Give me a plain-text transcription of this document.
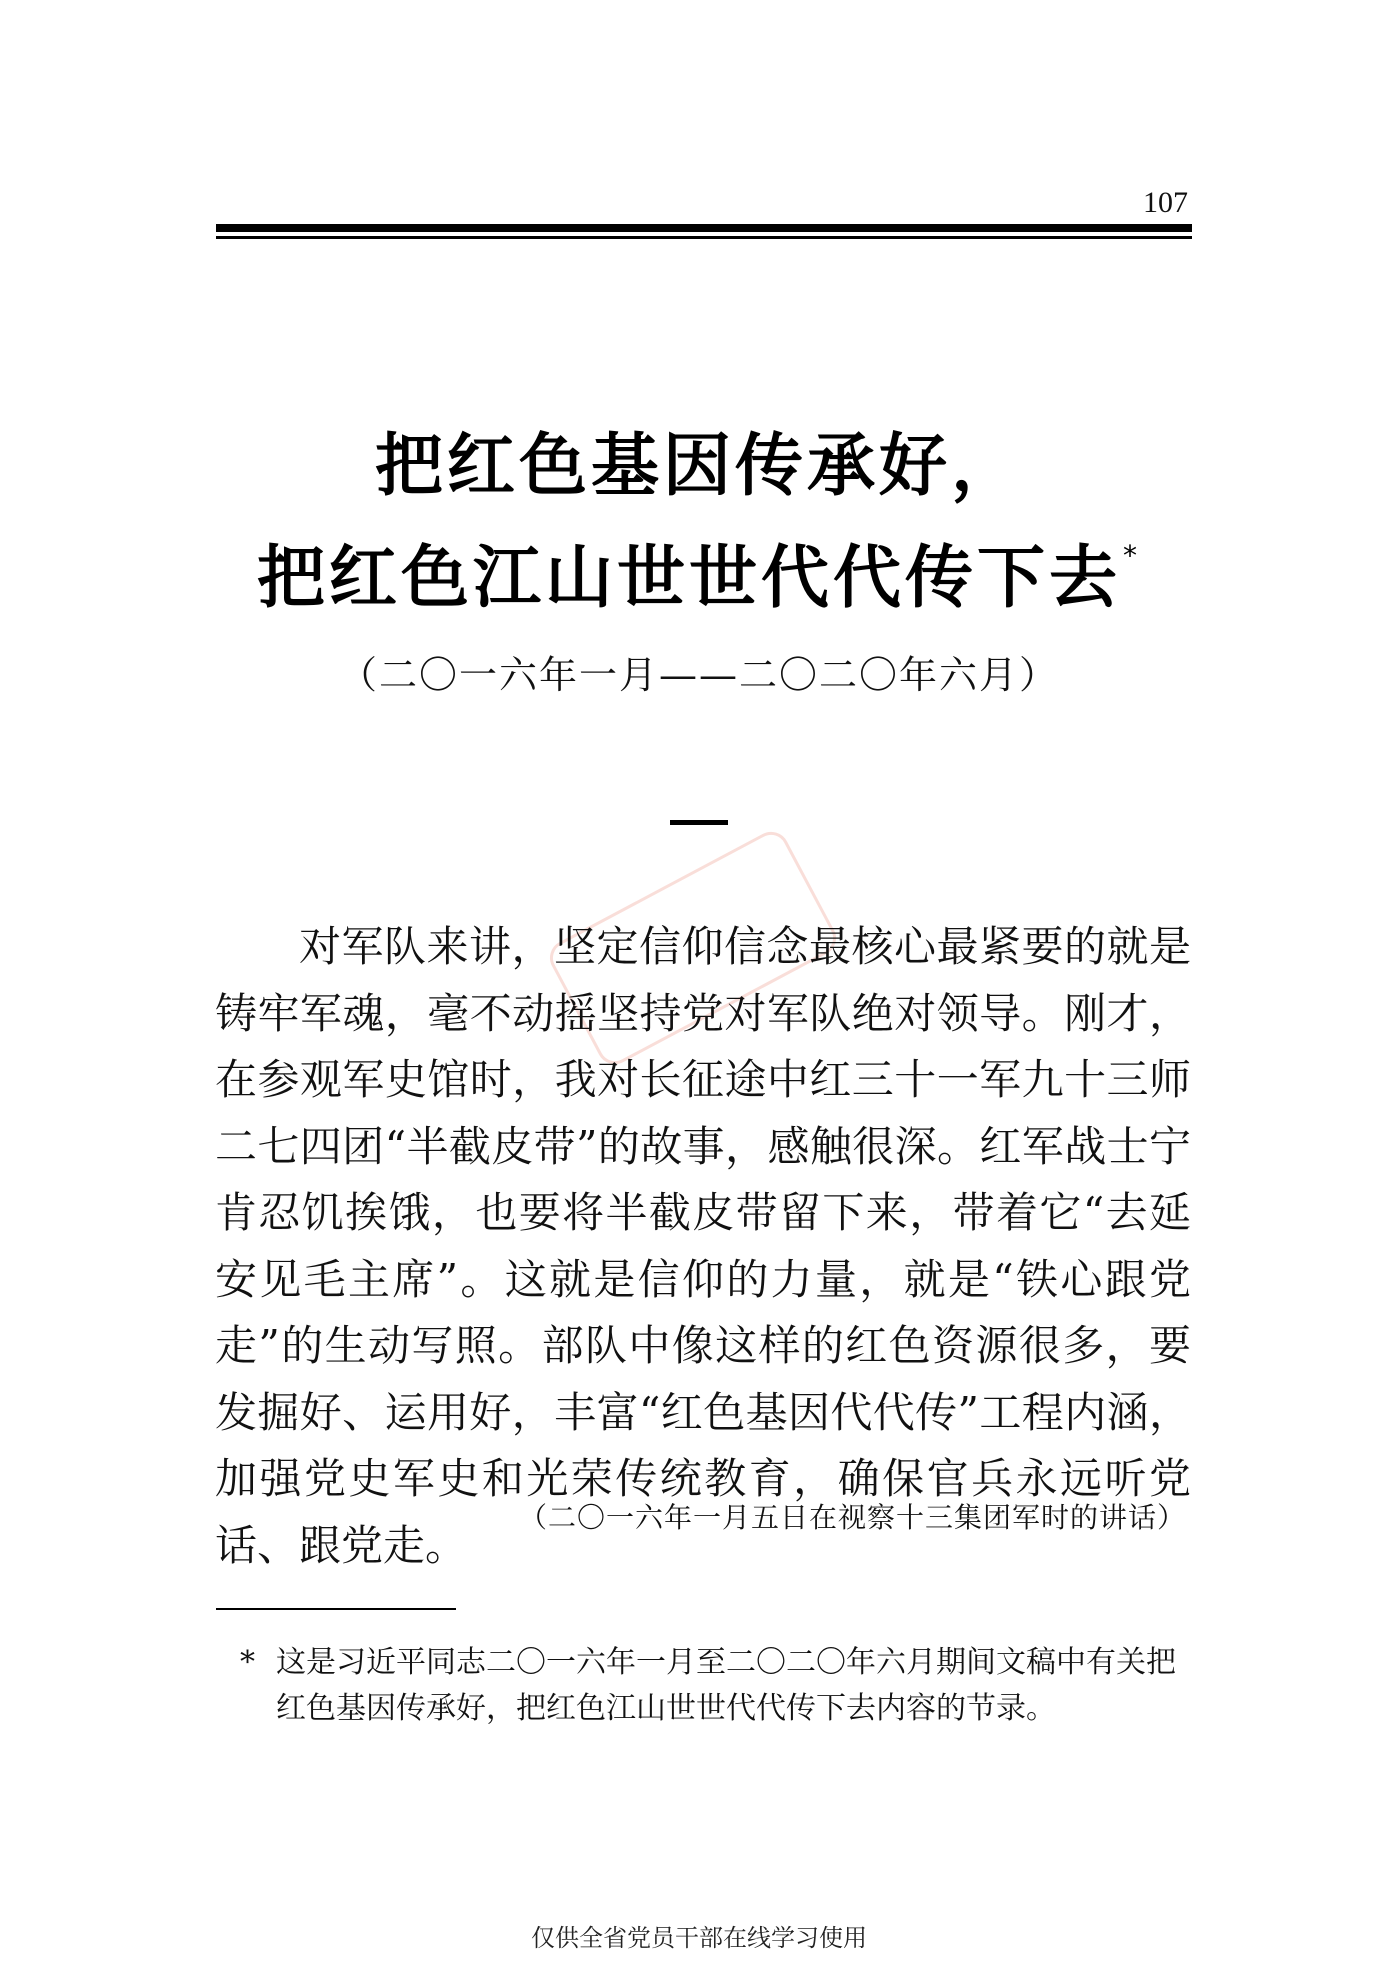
107
把红色基因传承好，
把红色江山世世代代传下去*
（二〇一六年一月——二〇二〇年六月）

对军队来讲，坚定信仰信念最核心最紧要的就是铸牢军魂，毫不动摇坚持党对军队绝对领导。刚才，在参观军史馆时，我对长征途中红三十一军九十三师二七四团“半截皮带”的故事，感触很深。红军战士宁肯忍饥挨饿，也要将半截皮带留下来，带着它“去延安见毛主席”。这就是信仰的力量，就是“铁心跟党走”的生动写照。部队中像这样的红色资源很多，要发掘好、运用好，丰富“红色基因代代传”工程内涵，加强党史军史和光荣传统教育，确保官兵永远听党话、跟党走。

（二〇一六年一月五日在视察十三集团军时的讲话）

* 这是习近平同志二〇一六年一月至二〇二〇年六月期间文稿中有关把红色基因传承好，把红色江山世世代代传下去内容的节录。

仅供全省党员干部在线学习使用
